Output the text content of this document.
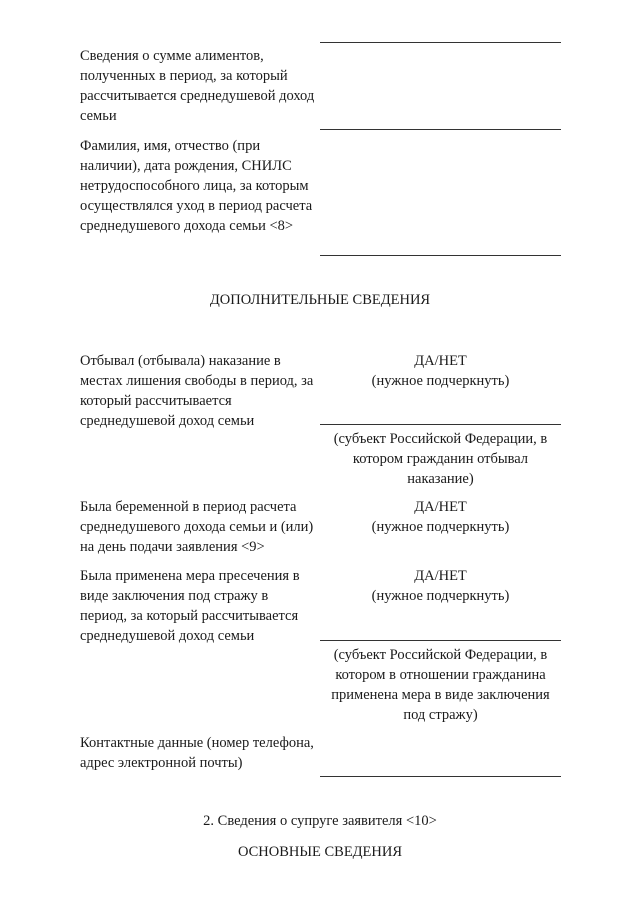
Сведения о сумме алиментов, полученных в период, за который рассчитывается среднедушевой доход семьи
Фамилия, имя, отчество (при наличии), дата рождения, СНИЛС нетрудоспособного лица, за которым осуществлялся уход в период расчета среднедушевого дохода семьи <8>
ДОПОЛНИТЕЛЬНЫЕ СВЕДЕНИЯ
Отбывал (отбывала) наказание в местах лишения свободы в период, за который рассчитывается среднедушевой доход семьи
ДА/НЕТ
(нужное подчеркнуть)
(субъект Российской Федерации, в котором гражданин отбывал наказание)
Была беременной в период расчета среднедушевого дохода семьи и (или) на день подачи заявления <9>
ДА/НЕТ
(нужное подчеркнуть)
Была применена мера пресечения в виде заключения под стражу в период, за который рассчитывается среднедушевой доход семьи
ДА/НЕТ
(нужное подчеркнуть)
(субъект Российской Федерации, в котором в отношении гражданина применена мера в виде заключения под стражу)
Контактные данные (номер телефона, адрес электронной почты)
2. Сведения о супруге заявителя <10>
ОСНОВНЫЕ СВЕДЕНИЯ
